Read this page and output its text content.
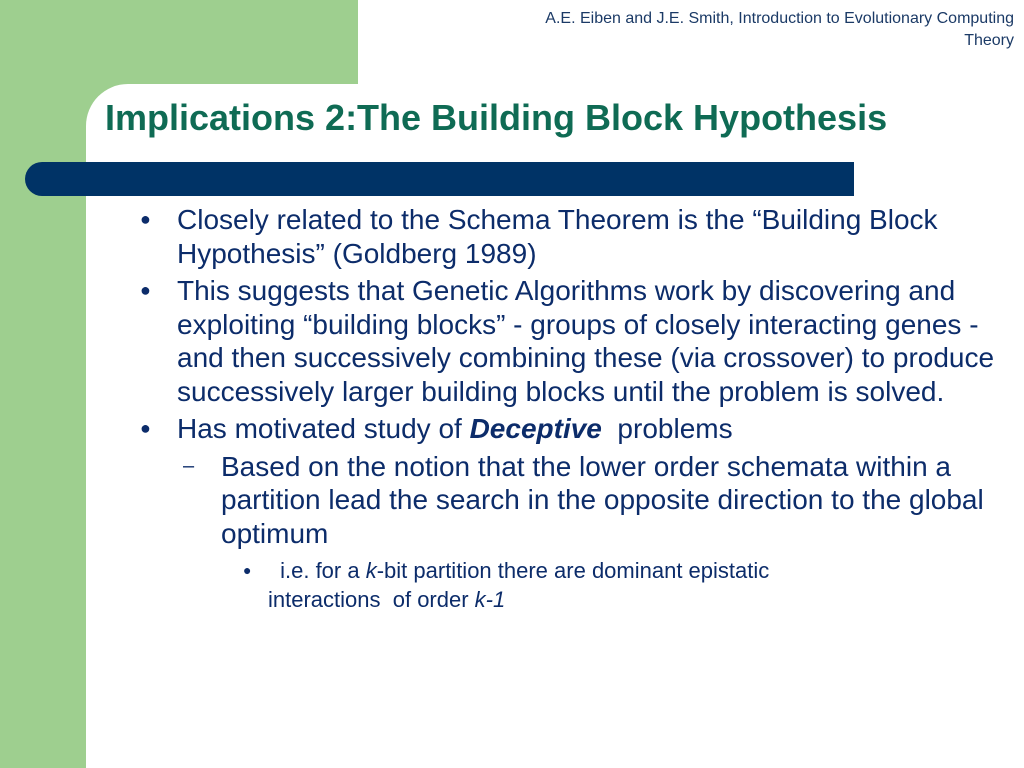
A.E. Eiben and J.E. Smith, Introduction to Evolutionary Computing
Theory
Implications 2:The Building Block Hypothesis
● Closely related to the Schema Theorem is the “Building Block Hypothesis” (Goldberg 1989)
● This suggests that Genetic Algorithms work by discovering and exploiting “building blocks” - groups of closely interacting genes - and then successively combining these (via crossover) to produce successively larger building blocks until the problem is solved.
● Has motivated study of Deceptive  problems
– Based on the notion that the lower order schemata within a partition lead the search in the opposite direction to the global optimum
●	i.e. for a k-bit partition there are dominant epistatic
interactions  of order k-1
